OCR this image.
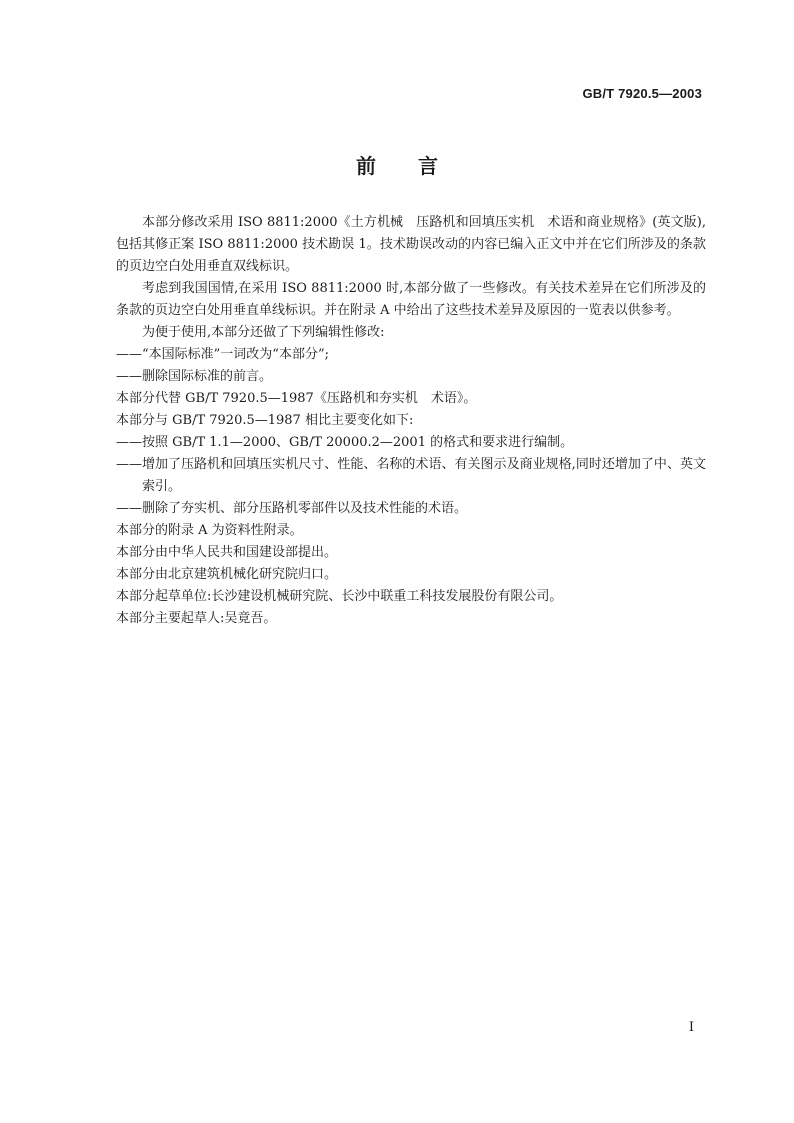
GB/T 7920.5—2003
前言

本部分修改采用 ISO 8811:2000《土方机械　压路机和回填压实机　术语和商业规格》(英文版),包括其修正案 ISO 8811:2000 技术勘误 1。技术勘误改动的内容已编入正文中并在它们所涉及的条款的页边空白处用垂直双线标识。

考虑到我国国情,在采用 ISO 8811:2000 时,本部分做了一些修改。有关技术差异在它们所涉及的条款的页边空白处用垂直单线标识。并在附录 A 中给出了这些技术差异及原因的一览表以供参考。

为便于使用,本部分还做了下列编辑性修改:

——“本国际标准”一词改为“本部分”;

——删除国际标准的前言。

本部分代替 GB/T 7920.5—1987《压路机和夯实机　术语》。

本部分与 GB/T 7920.5—1987 相比主要变化如下:

——按照 GB/T 1.1—2000、GB/T 20000.2—2001 的格式和要求进行编制。

——增加了压路机和回填压实机尺寸、性能、名称的术语、有关图示及商业规格,同时还增加了中、英文索引。

——删除了夯实机、部分压路机零部件以及技术性能的术语。

本部分的附录 A 为资料性附录。

本部分由中华人民共和国建设部提出。

本部分由北京建筑机械化研究院归口。

本部分起草单位:长沙建设机械研究院、长沙中联重工科技发展股份有限公司。

本部分主要起草人:吴竟吾。

I
